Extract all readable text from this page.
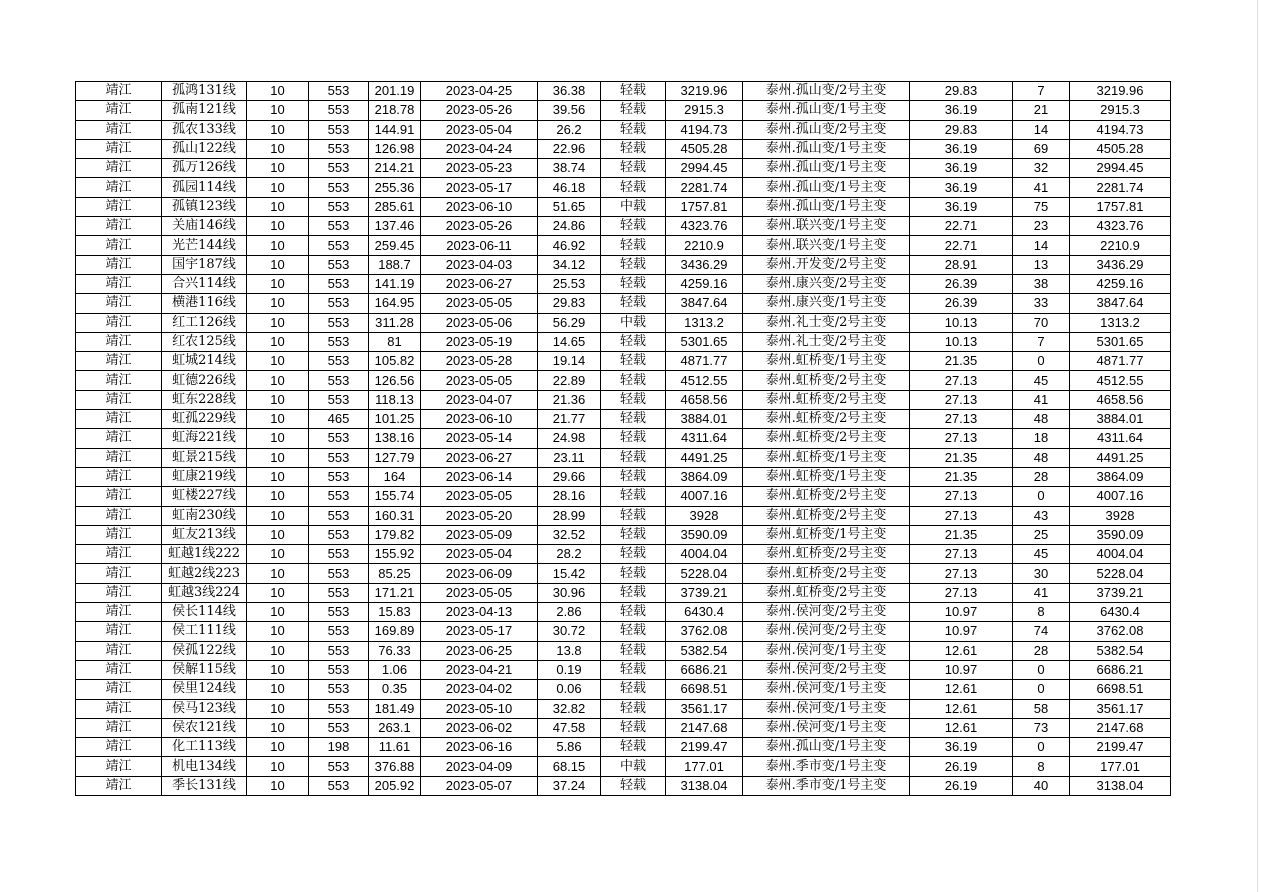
靖江	孤鸿131线	10	553	201.19	2023-04-25	36.38	轻载	3219.96	泰州.孤山变/2号主变	29.83	7	3219.96
靖江	孤南121线	10	553	218.78	2023-05-26	39.56	轻载	2915.3	泰州.孤山变/1号主变	36.19	21	2915.3
靖江	孤农133线	10	553	144.91	2023-05-04	26.2	轻载	4194.73	泰州.孤山变/2号主变	29.83	14	4194.73
靖江	孤山122线	10	553	126.98	2023-04-24	22.96	轻载	4505.28	泰州.孤山变/1号主变	36.19	69	4505.28
靖江	孤万126线	10	553	214.21	2023-05-23	38.74	轻载	2994.45	泰州.孤山变/1号主变	36.19	32	2994.45
靖江	孤园114线	10	553	255.36	2023-05-17	46.18	轻载	2281.74	泰州.孤山变/1号主变	36.19	41	2281.74
靖江	孤镇123线	10	553	285.61	2023-06-10	51.65	中载	1757.81	泰州.孤山变/1号主变	36.19	75	1757.81
靖江	关庙146线	10	553	137.46	2023-05-26	24.86	轻载	4323.76	泰州.联兴变/1号主变	22.71	23	4323.76
靖江	光芒144线	10	553	259.45	2023-06-11	46.92	轻载	2210.9	泰州.联兴变/1号主变	22.71	14	2210.9
靖江	国宇187线	10	553	188.7	2023-04-03	34.12	轻载	3436.29	泰州.开发变/2号主变	28.91	13	3436.29
靖江	合兴114线	10	553	141.19	2023-06-27	25.53	轻载	4259.16	泰州.康兴变/2号主变	26.39	38	4259.16
靖江	横港116线	10	553	164.95	2023-05-05	29.83	轻载	3847.64	泰州.康兴变/1号主变	26.39	33	3847.64
靖江	红工126线	10	553	311.28	2023-05-06	56.29	中载	1313.2	泰州.礼士变/2号主变	10.13	70	1313.2
靖江	红农125线	10	553	81	2023-05-19	14.65	轻载	5301.65	泰州.礼士变/2号主变	10.13	7	5301.65
靖江	虹城214线	10	553	105.82	2023-05-28	19.14	轻载	4871.77	泰州.虹桥变/1号主变	21.35	0	4871.77
靖江	虹德226线	10	553	126.56	2023-05-05	22.89	轻载	4512.55	泰州.虹桥变/2号主变	27.13	45	4512.55
靖江	虹东228线	10	553	118.13	2023-04-07	21.36	轻载	4658.56	泰州.虹桥变/2号主变	27.13	41	4658.56
靖江	虹孤229线	10	465	101.25	2023-06-10	21.77	轻载	3884.01	泰州.虹桥变/2号主变	27.13	48	3884.01
靖江	虹海221线	10	553	138.16	2023-05-14	24.98	轻载	4311.64	泰州.虹桥变/2号主变	27.13	18	4311.64
靖江	虹景215线	10	553	127.79	2023-06-27	23.11	轻载	4491.25	泰州.虹桥变/1号主变	21.35	48	4491.25
靖江	虹康219线	10	553	164	2023-06-14	29.66	轻载	3864.09	泰州.虹桥变/1号主变	21.35	28	3864.09
靖江	虹楼227线	10	553	155.74	2023-05-05	28.16	轻载	4007.16	泰州.虹桥变/2号主变	27.13	0	4007.16
靖江	虹南230线	10	553	160.31	2023-05-20	28.99	轻载	3928	泰州.虹桥变/2号主变	27.13	43	3928
靖江	虹友213线	10	553	179.82	2023-05-09	32.52	轻载	3590.09	泰州.虹桥变/1号主变	21.35	25	3590.09
靖江	虹越1线222	10	553	155.92	2023-05-04	28.2	轻载	4004.04	泰州.虹桥变/2号主变	27.13	45	4004.04
靖江	虹越2线223	10	553	85.25	2023-06-09	15.42	轻载	5228.04	泰州.虹桥变/2号主变	27.13	30	5228.04
靖江	虹越3线224	10	553	171.21	2023-05-05	30.96	轻载	3739.21	泰州.虹桥变/2号主变	27.13	41	3739.21
靖江	侯长114线	10	553	15.83	2023-04-13	2.86	轻载	6430.4	泰州.侯河变/2号主变	10.97	8	6430.4
靖江	侯工111线	10	553	169.89	2023-05-17	30.72	轻载	3762.08	泰州.侯河变/2号主变	10.97	74	3762.08
靖江	侯孤122线	10	553	76.33	2023-06-25	13.8	轻载	5382.54	泰州.侯河变/1号主变	12.61	28	5382.54
靖江	侯解115线	10	553	1.06	2023-04-21	0.19	轻载	6686.21	泰州.侯河变/2号主变	10.97	0	6686.21
靖江	侯里124线	10	553	0.35	2023-04-02	0.06	轻载	6698.51	泰州.侯河变/1号主变	12.61	0	6698.51
靖江	侯马123线	10	553	181.49	2023-05-10	32.82	轻载	3561.17	泰州.侯河变/1号主变	12.61	58	3561.17
靖江	侯农121线	10	553	263.1	2023-06-02	47.58	轻载	2147.68	泰州.侯河变/1号主变	12.61	73	2147.68
靖江	化工113线	10	198	11.61	2023-06-16	5.86	轻载	2199.47	泰州.孤山变/1号主变	36.19	0	2199.47
靖江	机电134线	10	553	376.88	2023-04-09	68.15	中载	177.01	泰州.季市变/1号主变	26.19	8	177.01
靖江	季长131线	10	553	205.92	2023-05-07	37.24	轻载	3138.04	泰州.季市变/1号主变	26.19	40	3138.04
